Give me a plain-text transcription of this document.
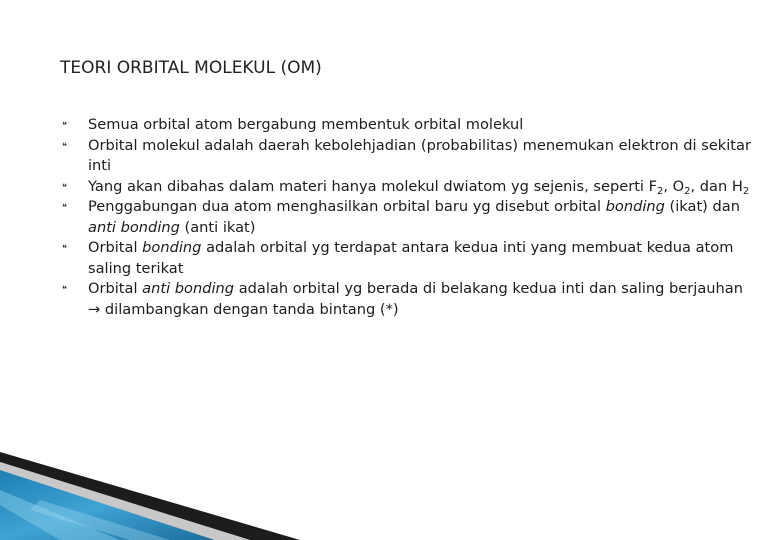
TEORI ORBITAL MOLEKUL (OM)
❝ Semua orbital atom bergabung membentuk orbital molekul
❝ Orbital molekul adalah daerah kebolehjadian (probabilitas) menemukan elektron di sekitar inti
❝ Yang akan dibahas dalam materi hanya molekul dwiatom yg sejenis, seperti $F_2$, $O_2$, dan $H_2$
❝ Penggabungan dua atom menghasilkan orbital baru yg disebut orbital bonding (ikat) dan anti bonding (anti ikat)
❝ Orbital bonding adalah orbital yg terdapat antara kedua inti yang membuat kedua atom saling terikat
❝ Orbital anti bonding adalah orbital yg berada di belakang kedua inti dan saling berjauhan → dilambangkan dengan tanda bintang (*)
